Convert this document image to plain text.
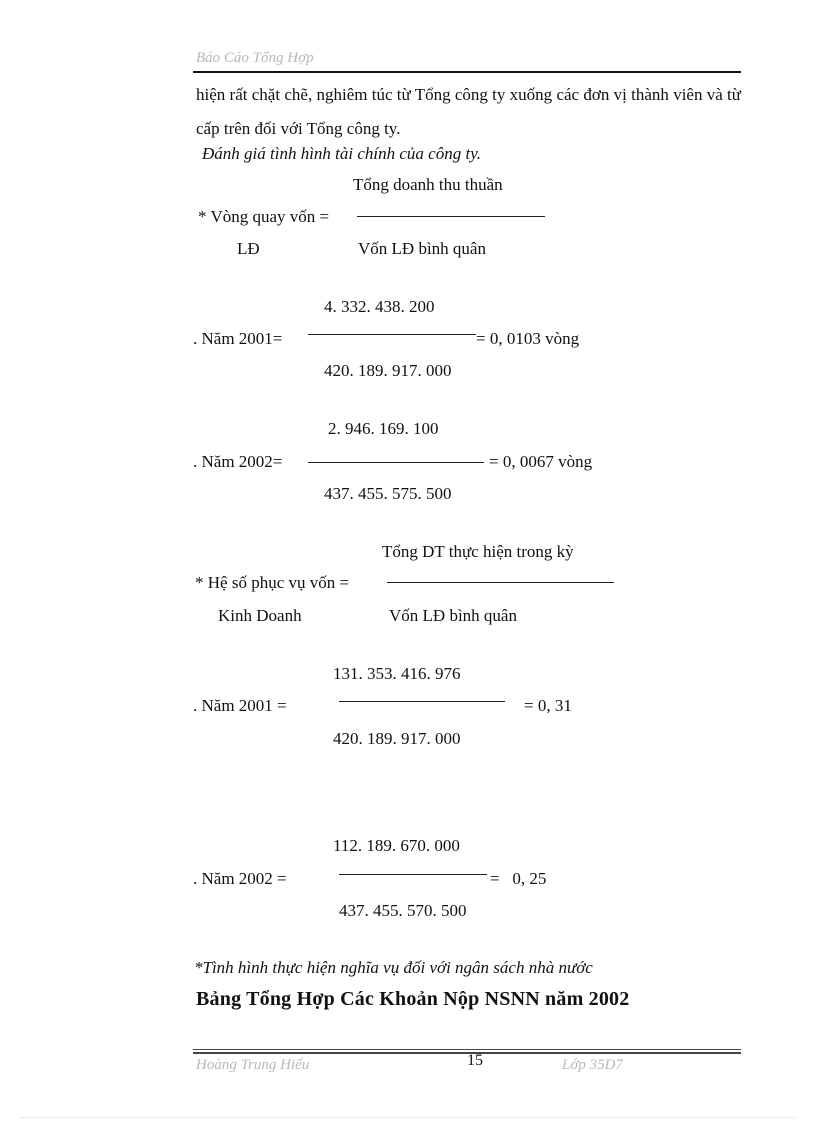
Báo Cáo Tổng Hợp
hiện rất chặt chẽ, nghiêm túc từ Tổng công ty xuống các đơn vị thành viên và từ cấp trên đối với Tổng công ty.
Đánh giá tình hình tài chính của công ty.
Tổng doanh thu thuần
* Vòng quay vốn =
LĐ	Vốn LĐ bình quân
4. 332. 438. 200
. Năm 2001=	= 0, 0103 vòng
420. 189. 917. 000
2. 946. 169. 100
. Năm 2002=	= 0, 0067 vòng
437. 455. 575. 500
Tổng DT thực hiện trong kỳ
* Hệ số phục vụ vốn =
Kinh Doanh	Vốn LĐ bình quân
131. 353. 416. 976
. Năm 2001 =	= 0, 31
420. 189. 917. 000
112. 189. 670. 000
. Năm 2002 =	=   0, 25
437. 455. 570. 500
*Tình hình thực hiện nghĩa vụ đối với ngân sách nhà nước
Bảng Tổng Hợp Các Khoản Nộp NSNN năm 2002
Hoàng Trung Hiếu	15	Lớp 35D7
